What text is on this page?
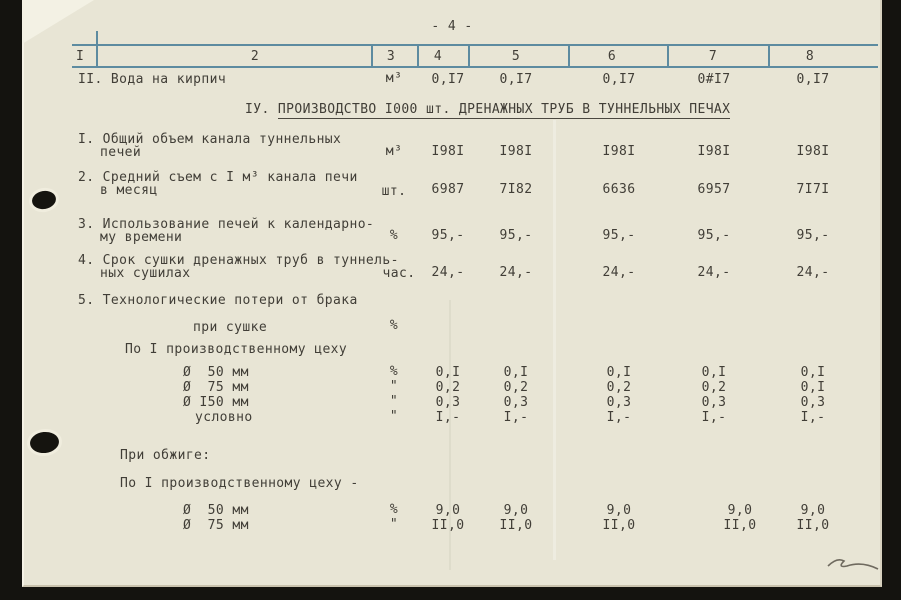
- 4 -
I	2	3	4	5	6	7	8
II. Вода на кирпич	м³ 0,I7	0,I7	0,I7	0#I7	0,I7
IУ. ПРОИЗВОДСТВО I000 шт. ДРЕНАЖНЫХ ТРУБ В ТУННЕЛЬНЫХ ПЕЧАХ
I. Общий объем канала туннельных
печей	м³ I98I	I98I	I98I	I98I	I98I
2. Средний съем с I м³ канала печи
в месяц	шт. 6987	7I82	6636	6957	7I7I
3. Использование печей к календарно-
му времени	%	95,-	95,-	95,-	95,-	95,-
4. Срок сушки дренажных труб в туннель-
ных сушилах	час. 24,-	24,-	24,-	24,-	24,-
5. Технологические потери от брака
при сушке	%
По I производственному цеху
Ø  50 мм	%	0,I	0,I	0,I	0,I	0,I
Ø  75 мм	"	0,2	0,2	0,2	0,2	0,I
Ø I50 мм	"	0,3	0,3	0,3	0,3	0,3
условно	"	I,-	I,-	I,-	I,-	I,-
При обжиге:
По I производственному цеху -
Ø  50 мм	%	9,0	9,0	9,0	9,0	9,0
Ø  75 мм	"	II,0	II,0	II,0	II,0	II,0
